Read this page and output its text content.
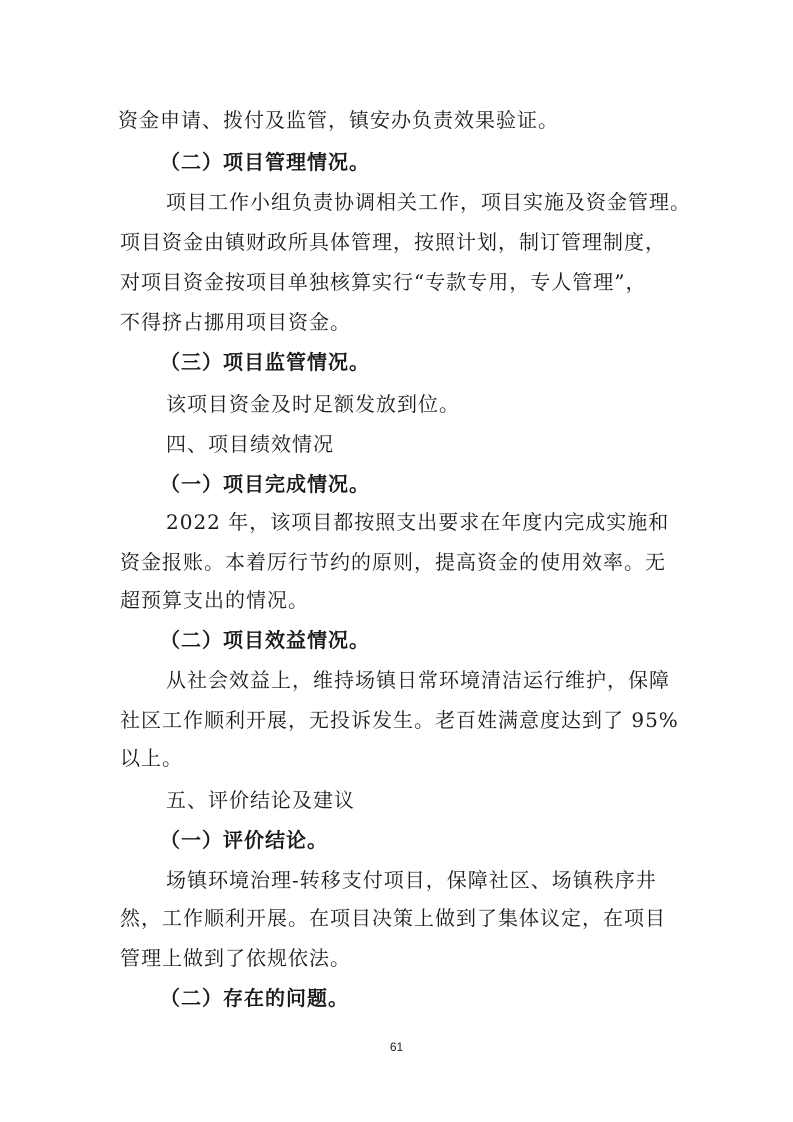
资金申请、拨付及监管，镇安办负责效果验证。
（二）项目管理情况。
项目工作小组负责协调相关工作，项目实施及资金管理。
项目资金由镇财政所具体管理，按照计划，制订管理制度，
对项目资金按项目单独核算实行“专款专用，专人管理”，
不得挤占挪用项目资金。
（三）项目监管情况。
该项目资金及时足额发放到位。
四、项目绩效情况
（一）项目完成情况。
2022 年，该项目都按照支出要求在年度内完成实施和
资金报账。本着厉行节约的原则，提高资金的使用效率。无
超预算支出的情况。
（二）项目效益情况。
从社会效益上，维持场镇日常环境清洁运行维护，保障
社区工作顺利开展，无投诉发生。老百姓满意度达到了 95%
以上。
五、评价结论及建议
（一）评价结论。
场镇环境治理-转移支付项目，保障社区、场镇秩序井
然，工作顺利开展。在项目决策上做到了集体议定，在项目
管理上做到了依规依法。
（二）存在的问题。
61
